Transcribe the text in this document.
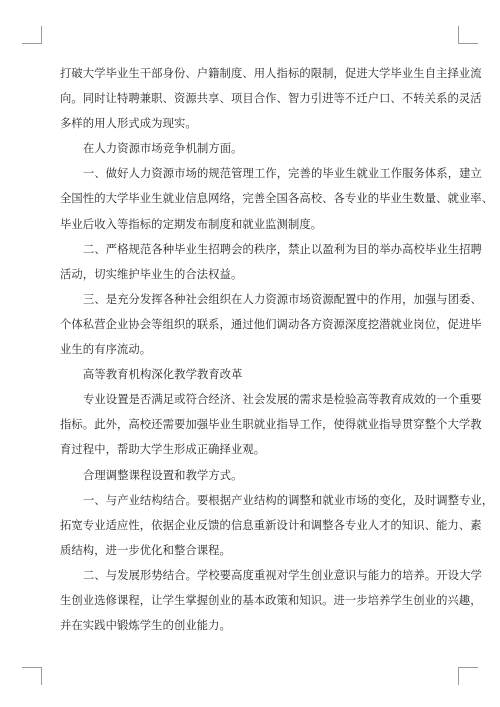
打破大学毕业生干部身份、户籍制度、用人指标的限制，促进大学毕业生自主择业流
向。同时让特聘兼职、资源共享、项目合作、智力引进等不迁户口、不转关系的灵活
多样的用人形式成为现实。
在人力资源市场竞争机制方面。
一、做好人力资源市场的规范管理工作，完善的毕业生就业工作服务体系，建立
全国性的大学毕业生就业信息网络，完善全国各高校、各专业的毕业生数量、就业率、
毕业后收入等指标的定期发布制度和就业监测制度。
二、严格规范各种毕业生招聘会的秩序，禁止以盈利为目的举办高校毕业生招聘
活动，切实维护毕业生的合法权益。
三、是充分发挥各种社会组织在人力资源市场资源配置中的作用，加强与团委、
个体私营企业协会等组织的联系，通过他们调动各方资源深度挖潜就业岗位，促进毕
业生的有序流动。
高等教育机构深化教学教育改革
专业设置是否满足或符合经济、社会发展的需求是检验高等教育成效的一个重要
指标。此外，高校还需要加强毕业生职就业指导工作，使得就业指导贯穿整个大学教
育过程中，帮助大学生形成正确择业观。
合理调整课程设置和教学方式。
一、与产业结构结合。要根据产业结构的调整和就业市场的变化，及时调整专业，
拓宽专业适应性，依据企业反馈的信息重新设计和调整各专业人才的知识、能力、素
质结构，进一步优化和整合课程。
二、与发展形势结合。学校要高度重视对学生创业意识与能力的培养。开设大学
生创业选修课程，让学生掌握创业的基本政策和知识。进一步培养学生创业的兴趣，
并在实践中锻炼学生的创业能力。
